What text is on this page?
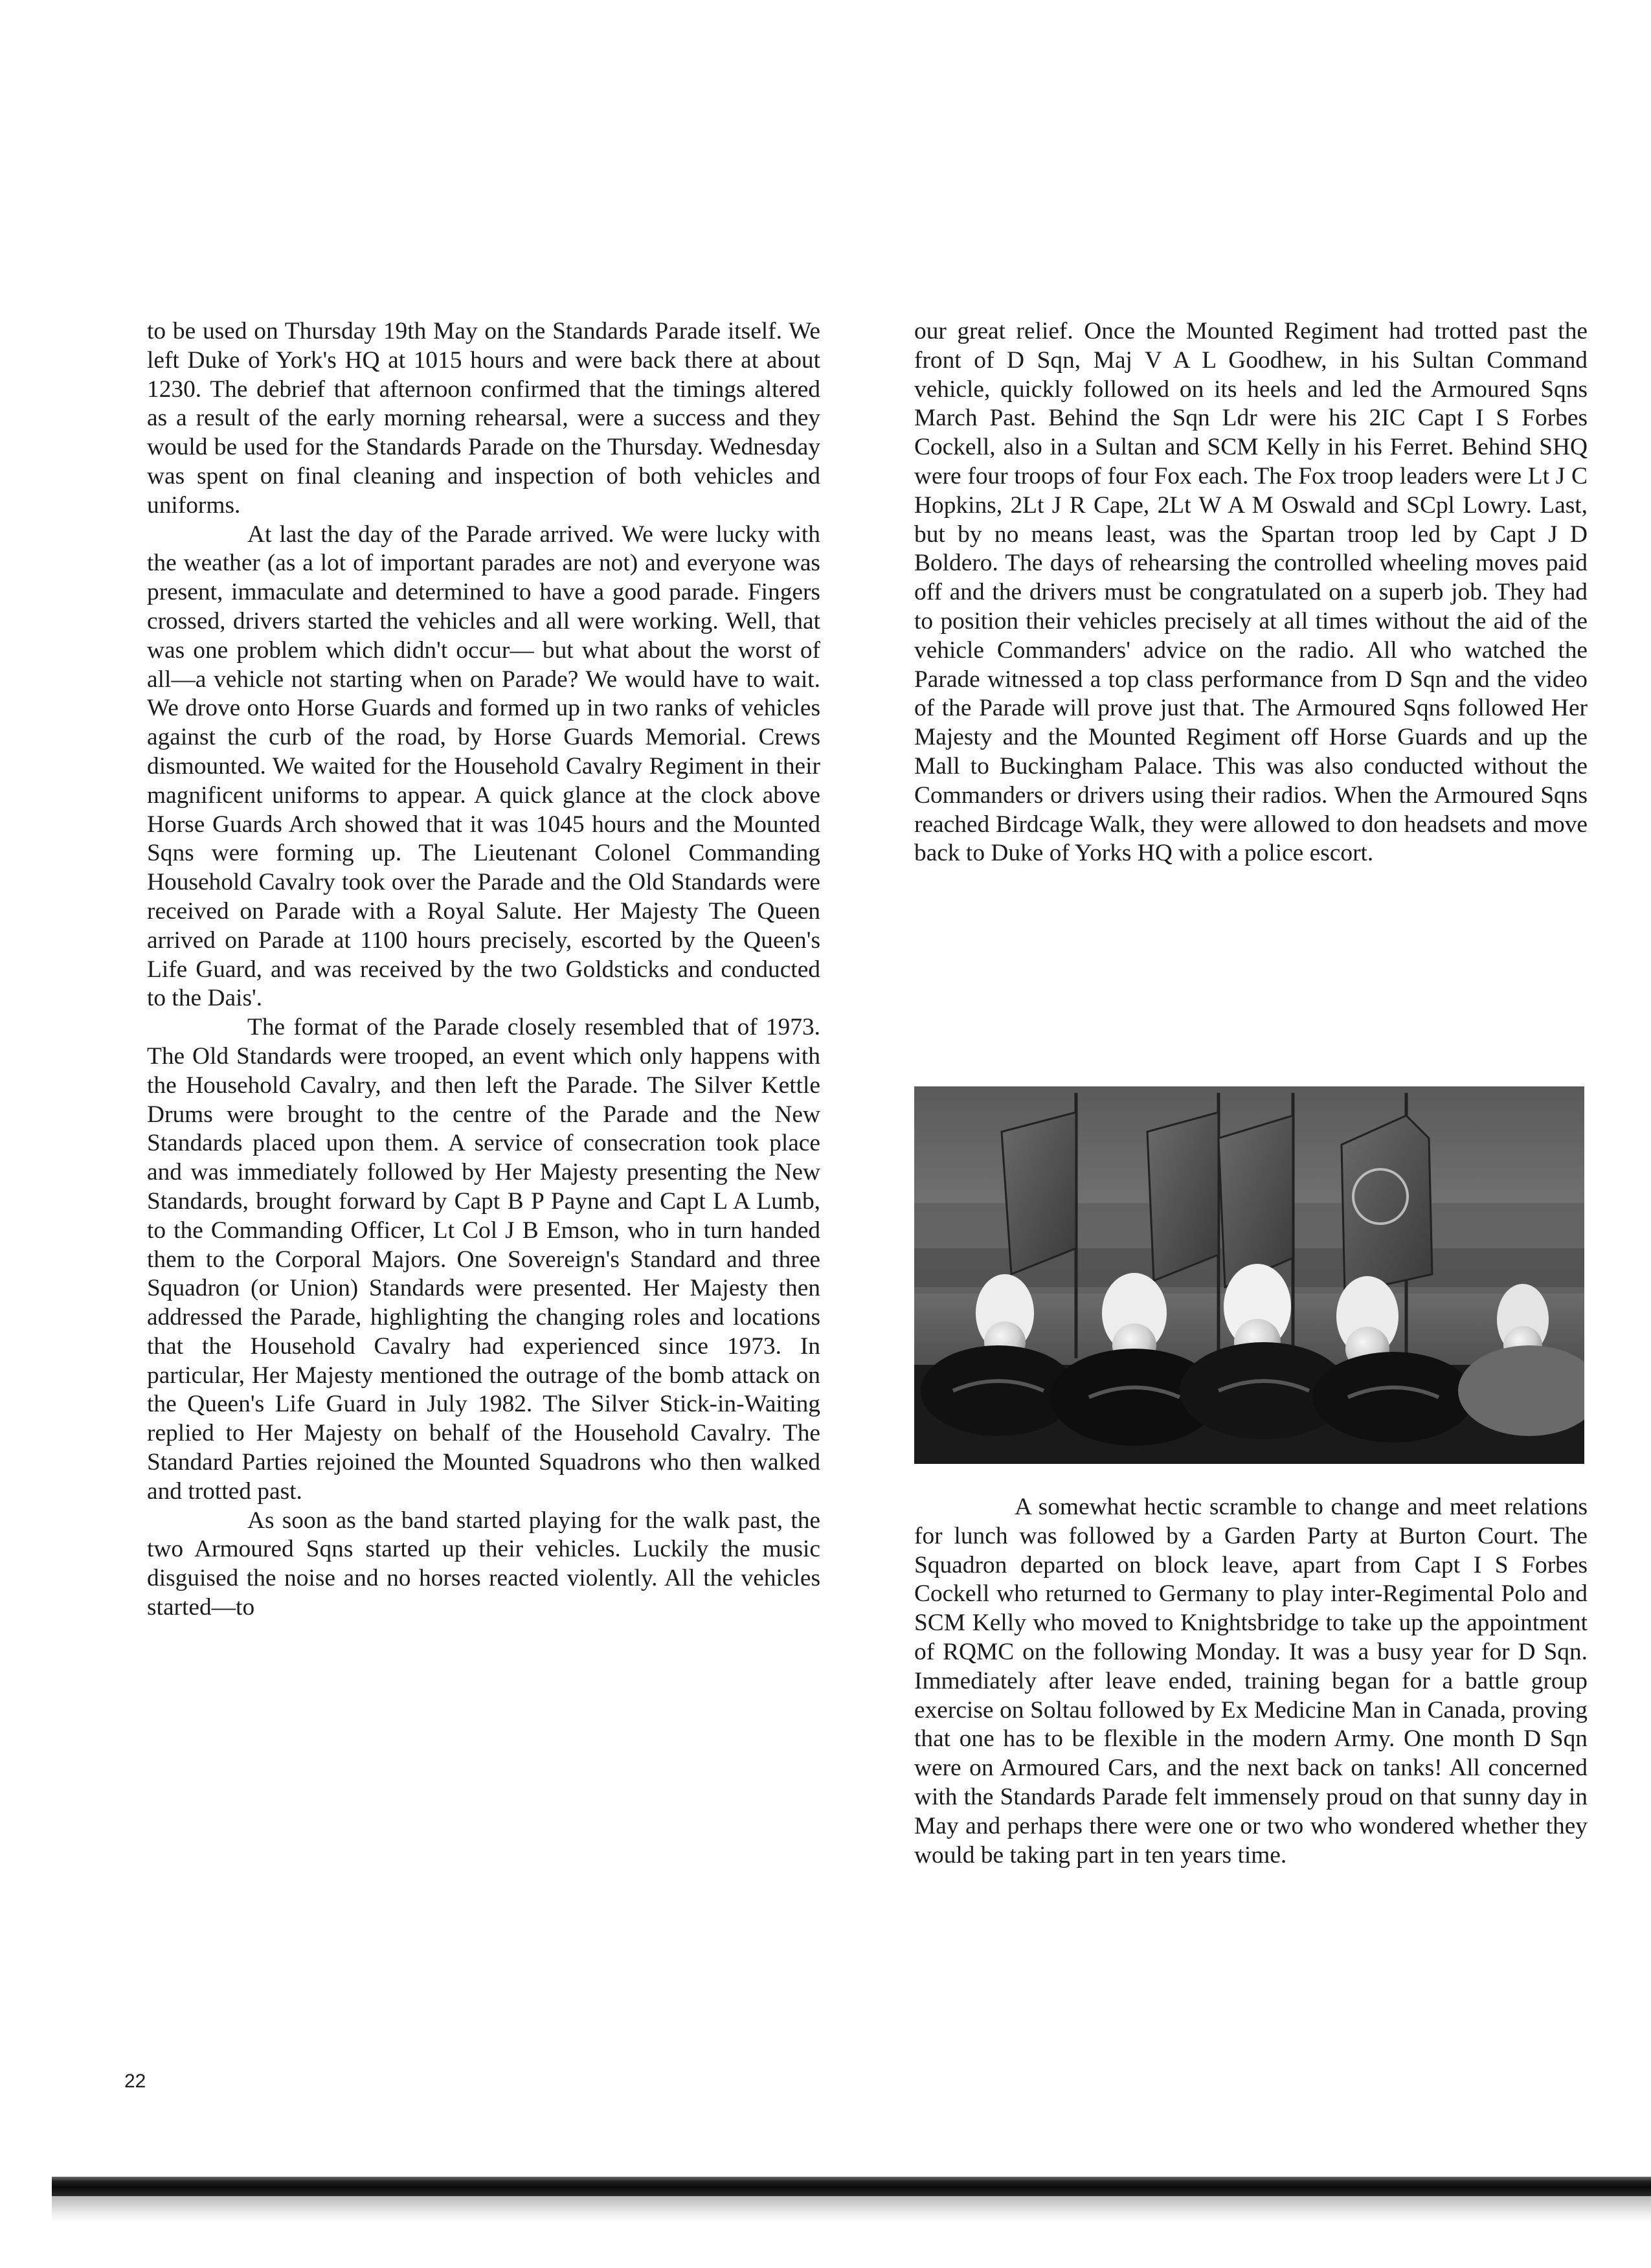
to be used on Thursday 19th May on the Standards Parade itself. We left Duke of York's HQ at 1015 hours and were back there at about 1230. The debrief that afternoon confirmed that the timings altered as a result of the early morning rehearsal, were a success and they would be used for the Standards Parade on the Thursday. Wednesday was spent on final cleaning and inspection of both vehicles and uniforms.

At last the day of the Parade arrived. We were lucky with the weather (as a lot of important parades are not) and everyone was present, immaculate and determined to have a good parade. Fingers crossed, drivers started the vehicles and all were working. Well, that was one problem which didn't occur— but what about the worst of all—a vehicle not starting when on Parade? We would have to wait. We drove onto Horse Guards and formed up in two ranks of vehicles against the curb of the road, by Horse Guards Memorial. Crews dismounted. We waited for the Household Cavalry Regiment in their magnificent uniforms to appear. A quick glance at the clock above Horse Guards Arch showed that it was 1045 hours and the Mounted Sqns were forming up. The Lieutenant Colonel Commanding Household Cavalry took over the Parade and the Old Standards were received on Parade with a Royal Salute. Her Majesty The Queen arrived on Parade at 1100 hours precisely, escorted by the Queen's Life Guard, and was received by the two Goldsticks and conducted to the Dais'.

The format of the Parade closely resembled that of 1973. The Old Standards were trooped, an event which only happens with the Household Cavalry, and then left the Parade. The Silver Kettle Drums were brought to the centre of the Parade and the New Standards placed upon them. A service of consecration took place and was immediately followed by Her Majesty presenting the New Standards, brought forward by Capt B P Payne and Capt L A Lumb, to the Commanding Officer, Lt Col J B Emson, who in turn handed them to the Corporal Majors. One Sovereign's Standard and three Squadron (or Union) Standards were presented. Her Majesty then addressed the Parade, highlighting the changing roles and locations that the Household Cavalry had experienced since 1973. In particular, Her Majesty mentioned the outrage of the bomb attack on the Queen's Life Guard in July 1982. The Silver Stick-in-Waiting replied to Her Majesty on behalf of the Household Cavalry. The Standard Parties rejoined the Mounted Squadrons who then walked and trotted past.

As soon as the band started playing for the walk past, the two Armoured Sqns started up their vehicles. Luckily the music disguised the noise and no horses reacted violently. All the vehicles started—to

our great relief. Once the Mounted Regiment had trotted past the front of D Sqn, Maj V A L Goodhew, in his Sultan Command vehicle, quickly followed on its heels and led the Armoured Sqns March Past. Behind the Sqn Ldr were his 2IC Capt I S Forbes Cockell, also in a Sultan and SCM Kelly in his Ferret. Behind SHQ were four troops of four Fox each. The Fox troop leaders were Lt J C Hopkins, 2Lt J R Cape, 2Lt W A M Oswald and SCpl Lowry. Last, but by no means least, was the Spartan troop led by Capt J D Boldero. The days of rehearsing the controlled wheeling moves paid off and the drivers must be congratulated on a superb job. They had to position their vehicles precisely at all times without the aid of the vehicle Commanders' advice on the radio. All who watched the Parade witnessed a top class performance from D Sqn and the video of the Parade will prove just that. The Armoured Sqns followed Her Majesty and the Mounted Regiment off Horse Guards and up the Mall to Buckingham Palace. This was also conducted without the Commanders or drivers using their radios. When the Armoured Sqns reached Birdcage Walk, they were allowed to don headsets and move back to Duke of Yorks HQ with a police escort.

A somewhat hectic scramble to change and meet relations for lunch was followed by a Garden Party at Burton Court. The Squadron departed on block leave, apart from Capt I S Forbes Cockell who returned to Germany to play inter-Regimental Polo and SCM Kelly who moved to Knightsbridge to take up the appointment of RQMC on the following Monday. It was a busy year for D Sqn. Immediately after leave ended, training began for a battle group exercise on Soltau followed by Ex Medicine Man in Canada, proving that one has to be flexible in the modern Army. One month D Sqn were on Armoured Cars, and the next back on tanks! All concerned with the Standards Parade felt immensely proud on that sunny day in May and perhaps there were one or two who wondered whether they would be taking part in ten years time.

22
